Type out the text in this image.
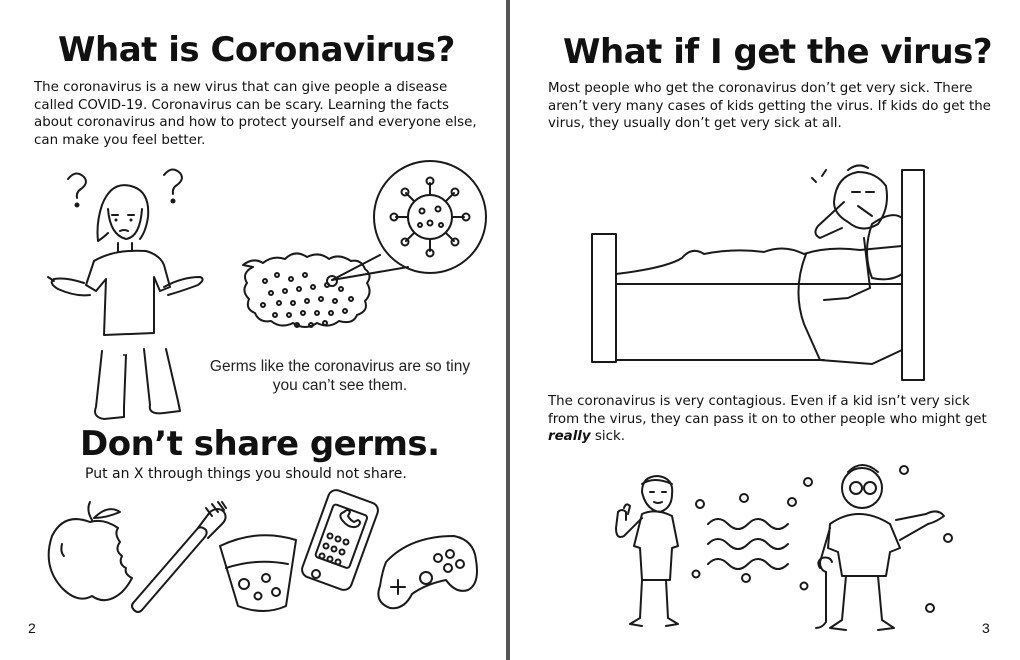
What is Coronavirus?
The coronavirus is a new virus that can give people a disease called COVID-19. Coronavirus can be scary. Learning the facts about coronavirus and how to protect yourself and everyone else, can make you feel better.
Germs like the coronavirus are so tiny
you can’t see them.
Don’t share germs.
Put an X through things you should not share.
2
What if I get the virus?
Most people who get the coronavirus don’t get very sick. There aren’t very many cases of kids getting the virus. If kids do get the virus, they usually don’t get very sick at all.
The coronavirus is very contagious. Even if a kid isn’t very sick from the virus, they can pass it on to other people who might get really sick.
3
